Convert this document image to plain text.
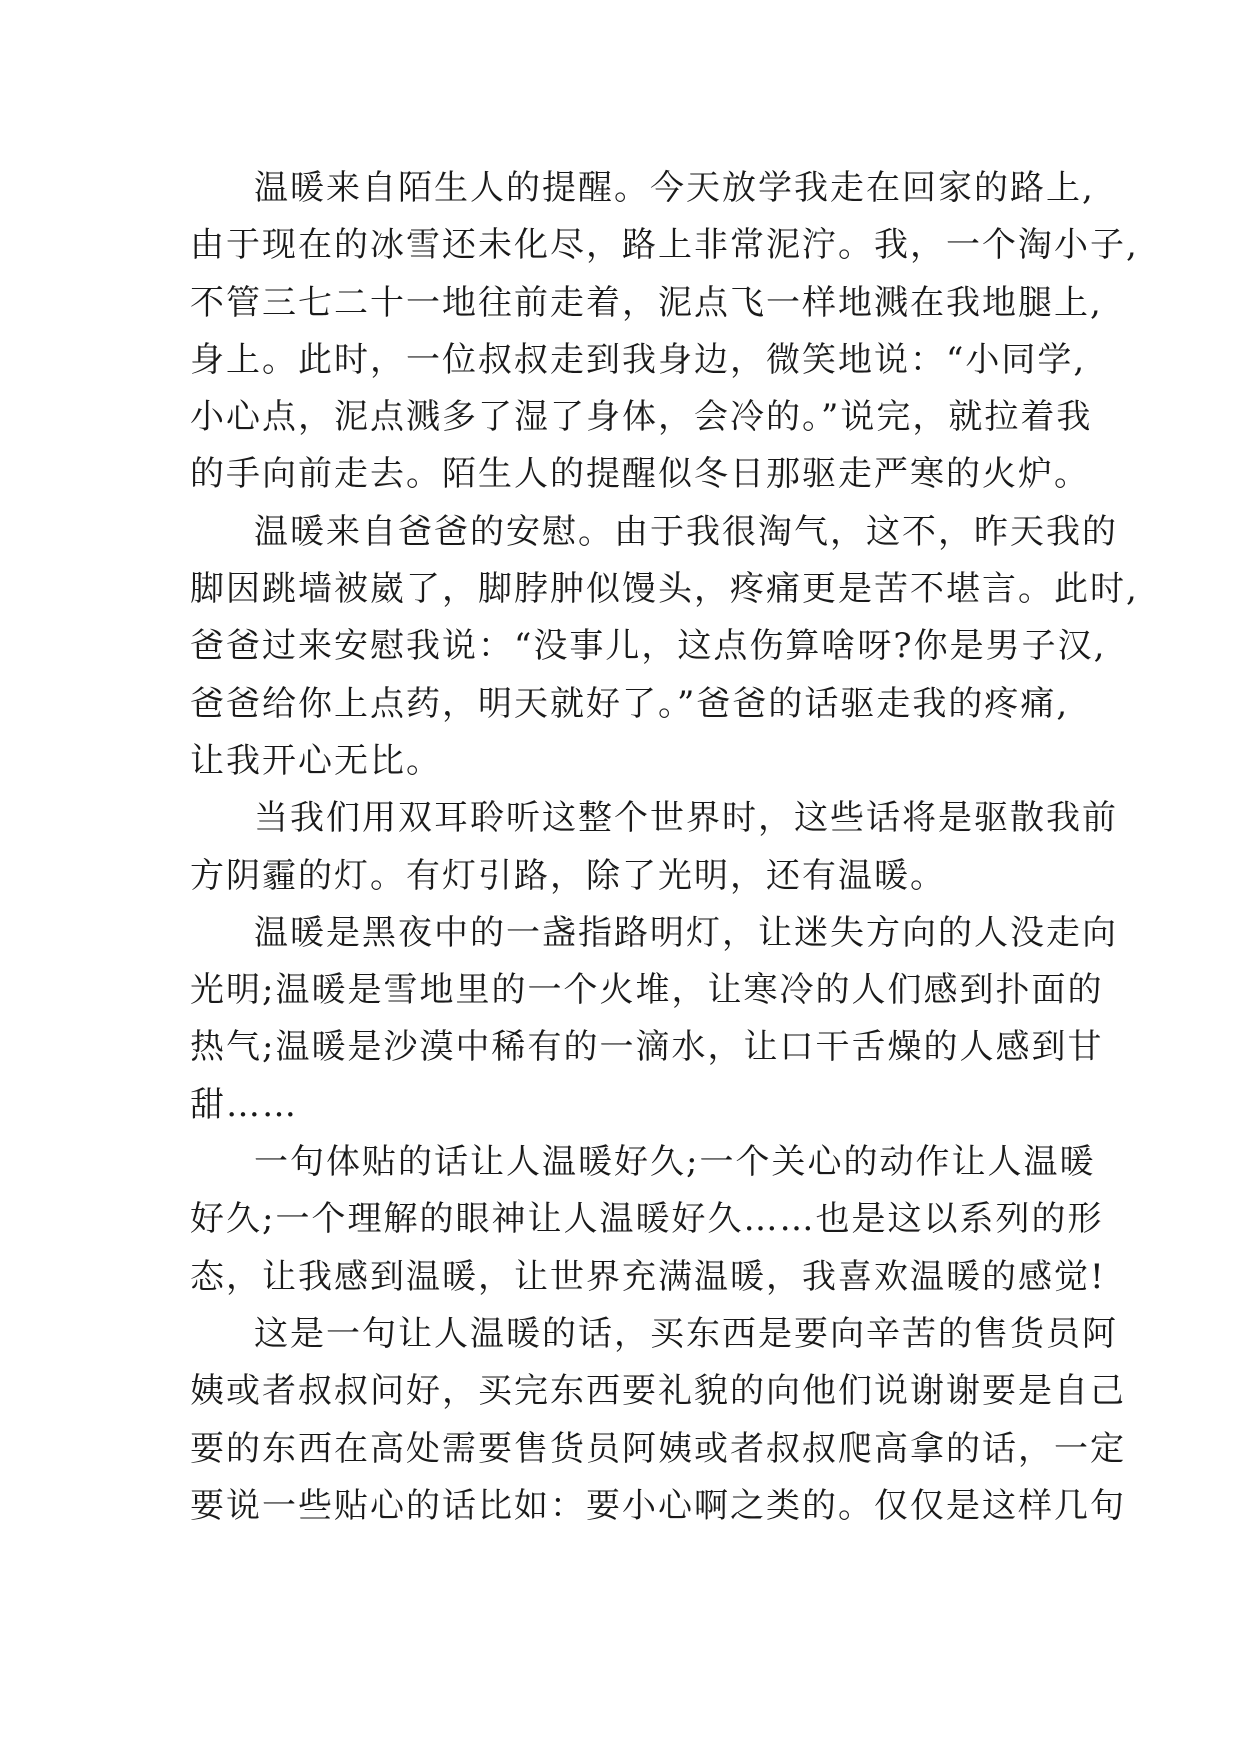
温暖来自陌生人的提醒。今天放学我走在回家的路上,
由于现在的冰雪还未化尽，路上非常泥泞。我，一个淘小子,
不管三七二十一地往前走着，泥点飞一样地溅在我地腿上,
身上。此时，一位叔叔走到我身边，微笑地说：“小同学,
小心点，泥点溅多了湿了身体，会冷的。”说完，就拉着我
的手向前走去。陌生人的提醒似冬日那驱走严寒的火炉。
温暖来自爸爸的安慰。由于我很淘气，这不，昨天我的
脚因跳墙被崴了，脚脖肿似馒头，疼痛更是苦不堪言。此时,
爸爸过来安慰我说：“没事儿，这点伤算啥呀?你是男子汉,
爸爸给你上点药，明天就好了。”爸爸的话驱走我的疼痛,
让我开心无比。
当我们用双耳聆听这整个世界时，这些话将是驱散我前
方阴霾的灯。有灯引路，除了光明，还有温暖。
温暖是黑夜中的一盏指路明灯，让迷失方向的人没走向
光明;温暖是雪地里的一个火堆，让寒冷的人们感到扑面的
热气;温暖是沙漠中稀有的一滴水，让口干舌燥的人感到甘
甜……
一句体贴的话让人温暖好久;一个关心的动作让人温暖
好久;一个理解的眼神让人温暖好久……也是这以系列的形
态，让我感到温暖，让世界充满温暖，我喜欢温暖的感觉!
这是一句让人温暖的话，买东西是要向辛苦的售货员阿
姨或者叔叔问好，买完东西要礼貌的向他们说谢谢要是自己
要的东西在高处需要售货员阿姨或者叔叔爬高拿的话，一定
要说一些贴心的话比如：要小心啊之类的。仅仅是这样几句
